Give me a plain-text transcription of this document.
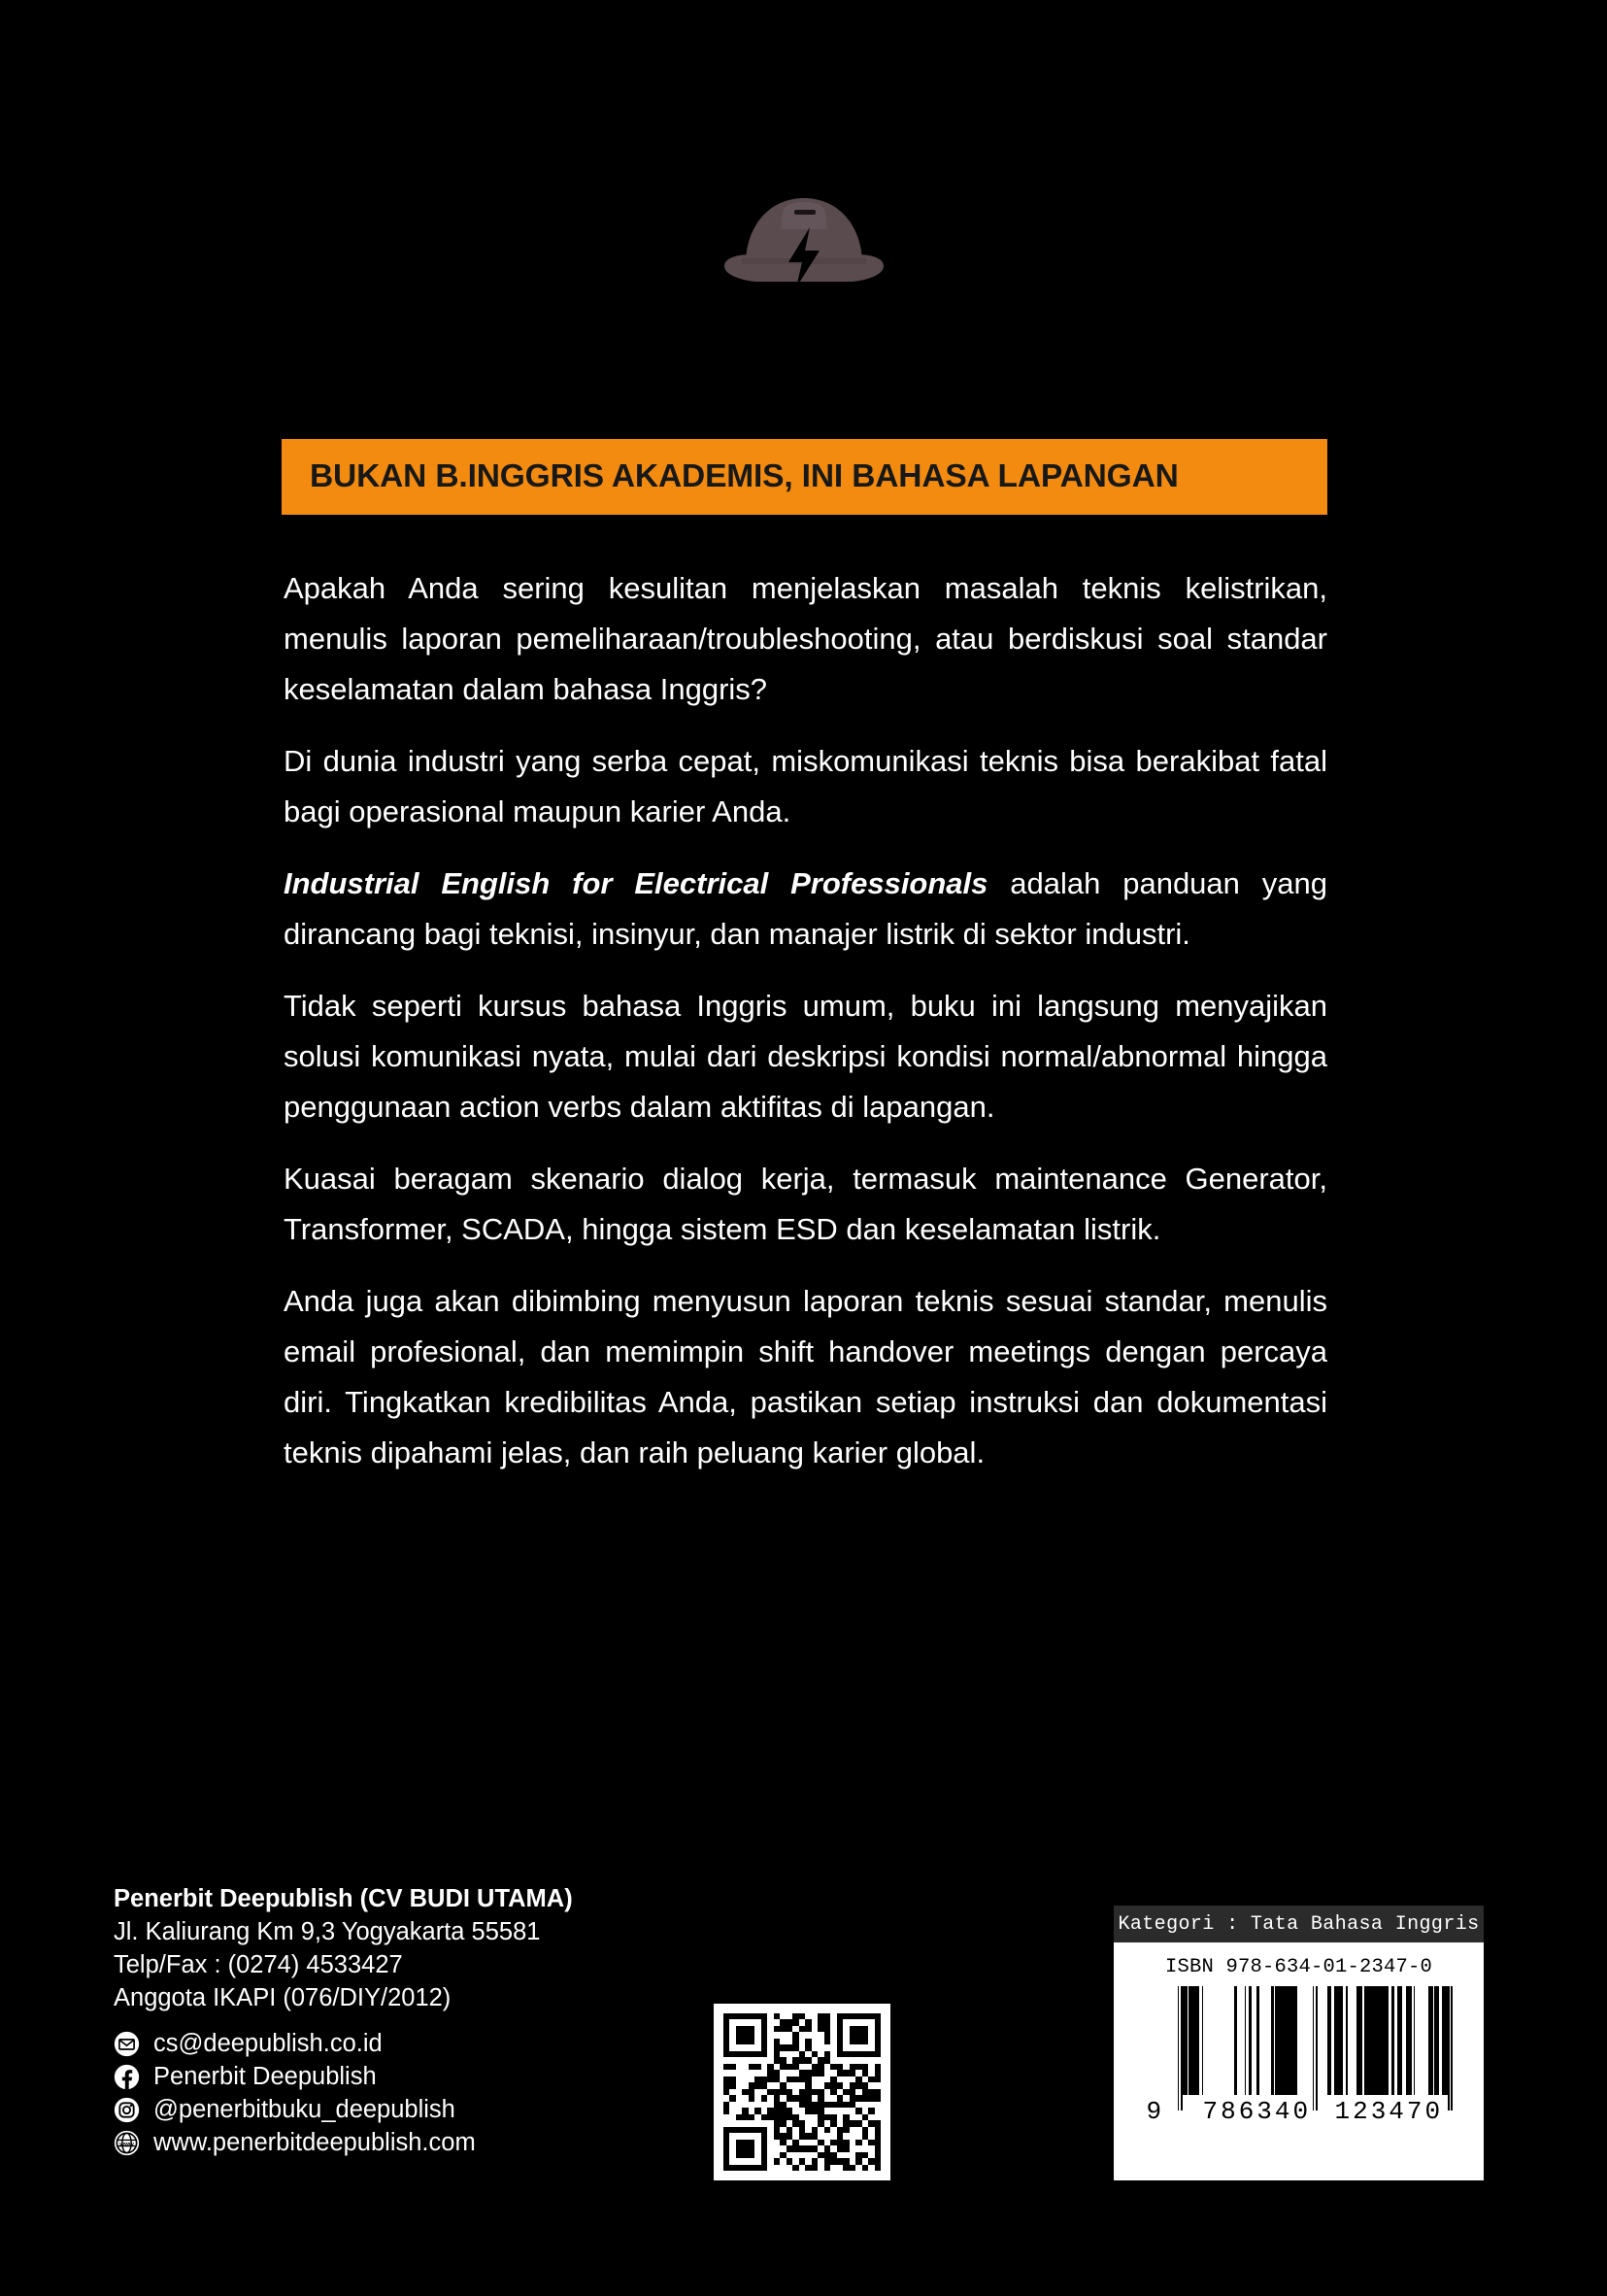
BUKAN B.INGGRIS AKADEMIS, INI BAHASA LAPANGAN

Apakah Anda sering kesulitan menjelaskan masalah teknis kelistrikan, menulis laporan pemeliharaan/troubleshooting, atau berdiskusi soal standar keselamatan dalam bahasa Inggris?

Di dunia industri yang serba cepat, miskomunikasi teknis bisa berakibat fatal bagi operasional maupun karier Anda.

Industrial English for Electrical Professionals adalah panduan yang dirancang bagi teknisi, insinyur, dan manajer listrik di sektor industri.

Tidak seperti kursus bahasa Inggris umum, buku ini langsung menyajikan solusi komunikasi nyata, mulai dari deskripsi kondisi normal/abnormal hingga penggunaan action verbs dalam aktifitas di lapangan.

Kuasai beragam skenario dialog kerja, termasuk maintenance Generator, Transformer, SCADA, hingga sistem ESD dan keselamatan listrik.

Anda juga akan dibimbing menyusun laporan teknis sesuai standar, menulis email profesional, dan memimpin shift handover meetings dengan percaya diri. Tingkatkan kredibilitas Anda, pastikan setiap instruksi dan dokumentasi teknis dipahami jelas, dan raih peluang karier global.

Penerbit Deepublish (CV BUDI UTAMA)
Jl. Kaliurang Km 9,3 Yogyakarta 55581
Telp/Fax : (0274) 4533427
Anggota IKAPI (076/DIY/2012)
cs@deepublish.co.id
Penerbit Deepublish
@penerbitbuku_deepublish
www www.penerbitdeepublish.com
Kategori : Tata Bahasa Inggris
ISBN 978-634-01-2347-0
9 786340 123470
